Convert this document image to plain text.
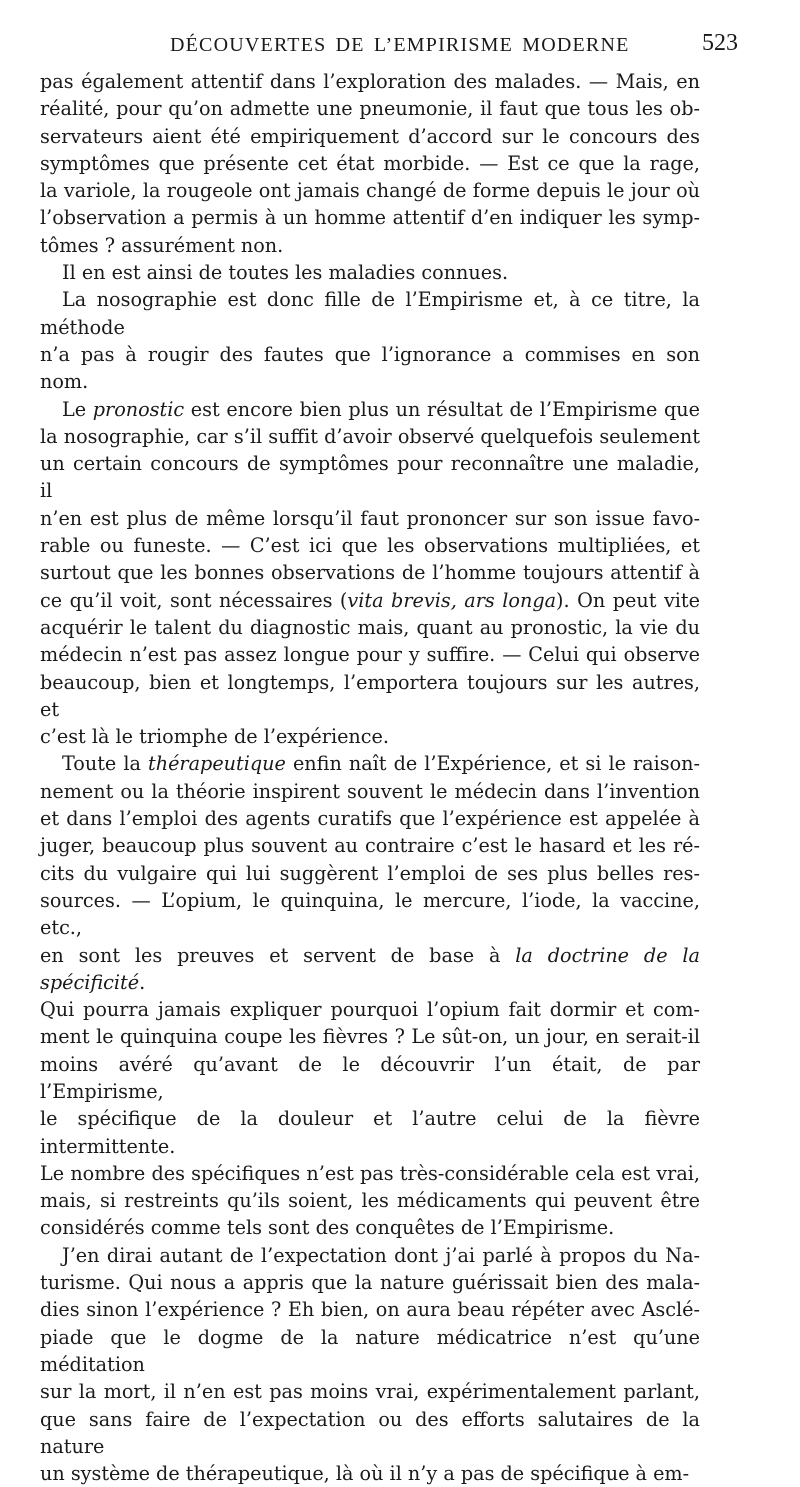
DÉCOUVERTES DE L’EMPIRISME MODERNE	523

pas également attentif dans l’exploration des malades. — Mais, en

réalité, pour qu’on admette une pneumonie, il faut que tous les ob-

servateurs aient été empiriquement d’accord sur le concours des

symptômes que présente cet état morbide. — Est ce que la rage,

la variole, la rougeole ont jamais changé de forme depuis le jour où

l’observation a permis à un homme attentif d’en indiquer les symp-

tômes ? assurément non.

Il en est ainsi de toutes les maladies connues.

La nosographie est donc fille de l’Empirisme et, à ce titre, la méthode

n’a pas à rougir des fautes que l’ignorance a commises en son nom.

Le pronostic est encore bien plus un résultat de l’Empirisme que

la nosographie, car s’il suffit d’avoir observé quelquefois seulement

un certain concours de symptômes pour reconnaître une maladie, il

n’en est plus de même lorsqu’il faut prononcer sur son issue favo-

rable ou funeste. — C’est ici que les observations multipliées, et

surtout que les bonnes observations de l’homme toujours attentif à

ce qu’il voit, sont nécessaires (vita brevis, ars longa). On peut vite

acquérir le talent du diagnostic mais, quant au pronostic, la vie du

médecin n’est pas assez longue pour y suffire. — Celui qui observe

beaucoup, bien et longtemps, l’emportera toujours sur les autres, et

c’est là le triomphe de l’expérience.

Toute la thérapeutique enfin naît de l’Expérience, et si le raison-

nement ou la théorie inspirent souvent le médecin dans l’invention

et dans l’emploi des agents curatifs que l’expérience est appelée à

juger, beaucoup plus souvent au contraire c’est le hasard et les ré-

cits du vulgaire qui lui suggèrent l’emploi de ses plus belles res-

sources. — L’opium, le quinquina, le mercure, l’iode, la vaccine, etc.,

en sont les preuves et servent de base à la doctrine de la spécificité.

Qui pourra jamais expliquer pourquoi l’opium fait dormir et com-

ment le quinquina coupe les fièvres ? Le sût-on, un jour, en serait-il

moins avéré qu’avant de le découvrir l’un était, de par l’Empirisme,

le spécifique de la douleur et l’autre celui de la fièvre intermittente.

Le nombre des spécifiques n’est pas très-considérable cela est vrai,

mais, si restreints qu’ils soient, les médicaments qui peuvent être

considérés comme tels sont des conquêtes de l’Empirisme.

J’en dirai autant de l’expectation dont j’ai parlé à propos du Na-

turisme. Qui nous a appris que la nature guérissait bien des mala-

dies sinon l’expérience ? Eh bien, on aura beau répéter avec Asclé-

piade que le dogme de la nature médicatrice n’est qu’une méditation

sur la mort, il n’en est pas moins vrai, expérimentalement parlant,

que sans faire de l’expectation ou des efforts salutaires de la nature

un système de thérapeutique, là où il n’y a pas de spécifique à em-
